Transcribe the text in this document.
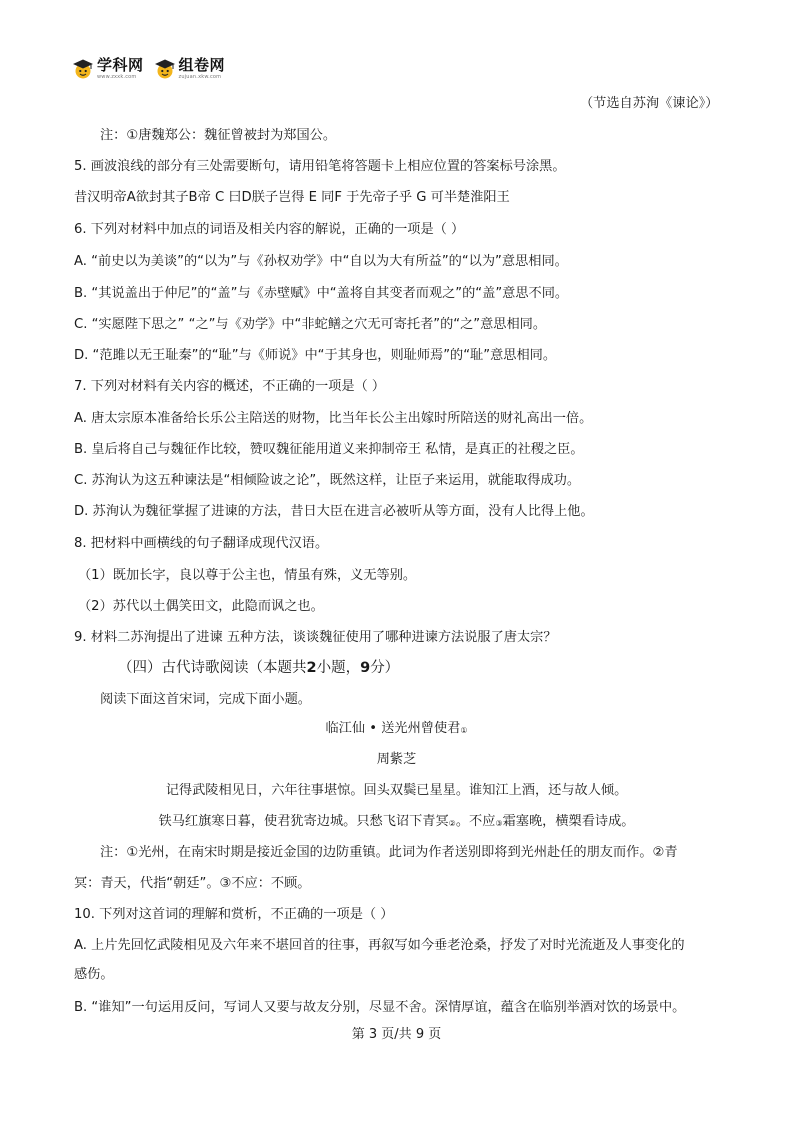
学科网
www.zxxk.com
组卷网
zujuan.xkw.com
（节选自苏洵《谏论》）
注：①唐魏郑公：魏征曾被封为郑国公。
5. 画波浪线的部分有三处需要断句，请用铅笔将答题卡上相应位置的答案标号涂黑。
昔汉明帝A欲封其子B帝 C 曰D朕子岂得 E 同F 于先帝子乎 G 可半楚淮阳王
6. 下列对材料中加点的词语及相关内容的解说，正确的一项是（ ）
A. “前史以为美谈”的“以为”与《孙权劝学》中“自以为大有所益”的“以为”意思相同。
B. “其说盖出于仲尼”的“盖”与《赤壁赋》中“盖将自其变者而观之”的“盖”意思不同。
C. “实愿陛下思之” “之”与《劝学》中“非蛇鳝之穴无可寄托者”的“之”意思相同。
D. “范雎以无王耻秦”的“耻”与《师说》中“于其身也，则耻师焉”的“耻”意思相同。
7. 下列对材料有关内容的概述，不正确的一项是（ ）
A. 唐太宗原本准备给长乐公主陪送的财物，比当年长公主出嫁时所陪送的财礼高出一倍。
B. 皇后将自己与魏征作比较，赞叹魏征能用道义来抑制帝王 私情，是真正的社稷之臣。
C. 苏洵认为这五种谏法是“相倾险诐之论”，既然这样，让臣子来运用，就能取得成功。
D. 苏洵认为魏征掌握了进谏的方法，昔日大臣在进言必被听从等方面，没有人比得上他。
8. 把材料中画横线的句子翻译成现代汉语。
（1）既加长字，良以尊于公主也，情虽有殊，义无等别。
（2）苏代以土偶笑田文，此隐而讽之也。
9. 材料二苏洵提出了进谏 五种方法，谈谈魏征使用了哪种进谏方法说服了唐太宗？
（四）古代诗歌阅读（本题共2小题，9分）
阅读下面这首宋词，完成下面小题。
临江仙 • 送光州曾使君①
周紫芝
记得武陵相见日，六年往事堪惊。回头双鬓已星星。谁知江上酒，还与故人倾。
铁马红旗寒日暮，使君犹寄边城。只愁飞诏下青冥②。不应③霜塞晚，横槊看诗成。
注：①光州，在南宋时期是接近金国的边防重镇。此词为作者送别即将到光州赴任的朋友而作。②青
冥：青天，代指“朝廷”。③不应：不顾。
10. 下列对这首词的理解和赏析，不正确的一项是（ ）
A. 上片先回忆武陵相见及六年来不堪回首的往事，再叙写如今垂老沧桑，抒发了对时光流逝及人事变化的
感伤。
B. “谁知”一句运用反问，写词人又要与故友分别，尽显不舍。深情厚谊，蕴含在临别举酒对饮的场景中。
第 3 页/共 9 页
